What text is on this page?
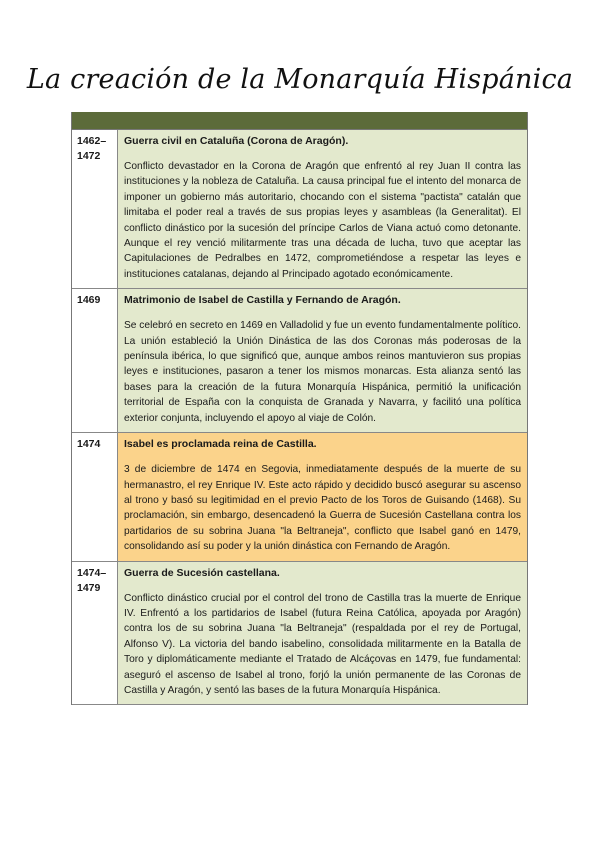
La creación de la Monarquía Hispánica
1462–1472
Guerra civil en Cataluña (Corona de Aragón).
Conflicto devastador en la Corona de Aragón que enfrentó al rey Juan II contra las instituciones y la nobleza de Cataluña. La causa principal fue el intento del monarca de imponer un gobierno más autoritario, chocando con el sistema "pactista" catalán que limitaba el poder real a través de sus propias leyes y asambleas (la Generalitat). El conflicto dinástico por la sucesión del príncipe Carlos de Viana actuó como detonante. Aunque el rey venció militarmente tras una década de lucha, tuvo que aceptar las Capitulaciones de Pedralbes en 1472, comprometiéndose a respetar las leyes e instituciones catalanas, dejando al Principado agotado económicamente.
1469	Matrimonio de Isabel de Castilla y Fernando de Aragón.
Se celebró en secreto en 1469 en Valladolid y fue un evento fundamentalmente político. La unión estableció la Unión Dinástica de las dos Coronas más poderosas de la península ibérica, lo que significó que, aunque ambos reinos mantuvieron sus propias leyes e instituciones, pasaron a tener los mismos monarcas. Esta alianza sentó las bases para la creación de la futura Monarquía Hispánica, permitió la unificación territorial de España con la conquista de Granada y Navarra, y facilitó una política exterior conjunta, incluyendo el apoyo al viaje de Colón.
1474	Isabel es proclamada reina de Castilla.
3 de diciembre de 1474 en Segovia, inmediatamente después de la muerte de su hermanastro, el rey Enrique IV. Este acto rápido y decidido buscó asegurar su ascenso al trono y basó su legitimidad en el previo Pacto de los Toros de Guisando (1468). Su proclamación, sin embargo, desencadenó la Guerra de Sucesión Castellana contra los partidarios de su sobrina Juana "la Beltraneja", conflicto que Isabel ganó en 1479, consolidando así su poder y la unión dinástica con Fernando de Aragón.
1474–1479
Guerra de Sucesión castellana.
Conflicto dinástico crucial por el control del trono de Castilla tras la muerte de Enrique IV. Enfrentó a los partidarios de Isabel (futura Reina Católica, apoyada por Aragón) contra los de su sobrina Juana "la Beltraneja" (respaldada por el rey de Portugal, Alfonso V). La victoria del bando isabelino, consolidada militarmente en la Batalla de Toro y diplomáticamente mediante el Tratado de Alcáçovas en 1479, fue fundamental: aseguró el ascenso de Isabel al trono, forjó la unión permanente de las Coronas de Castilla y Aragón, y sentó las bases de la futura Monarquía Hispánica.
